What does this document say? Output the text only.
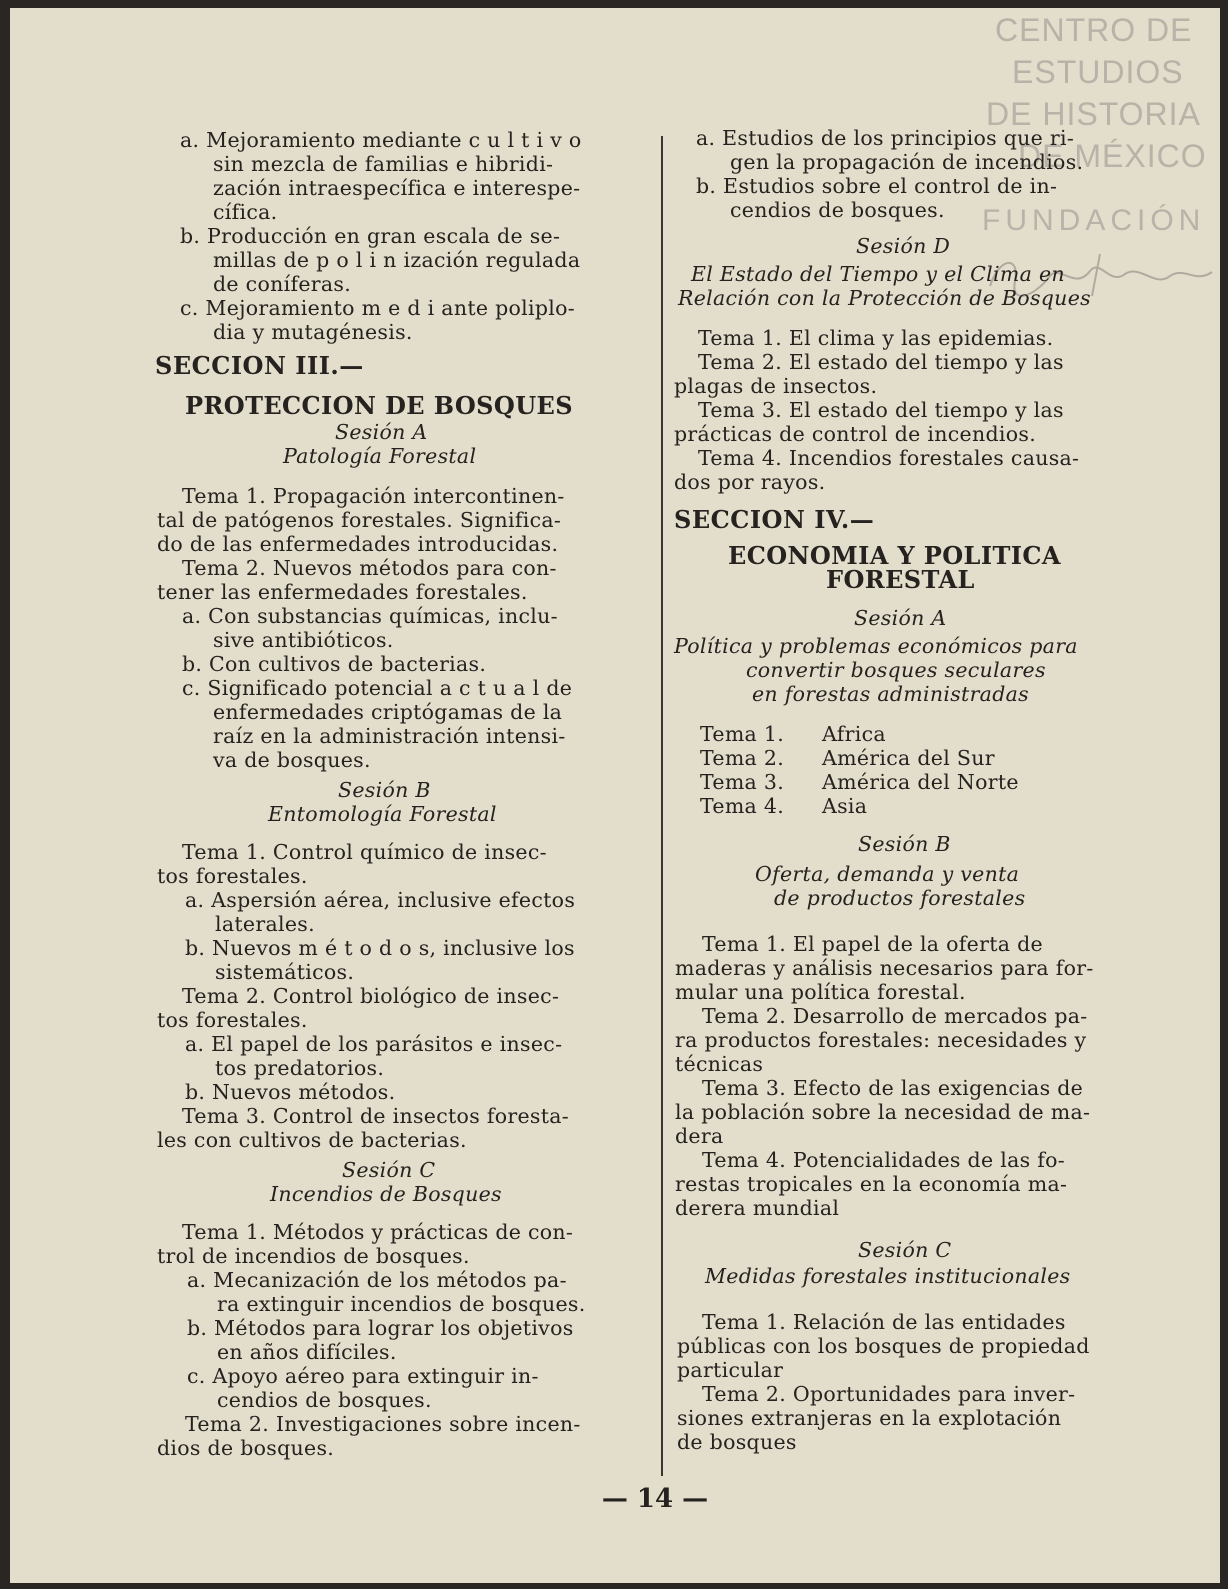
CENTRO DE
ESTUDIOS
DE HISTORIA
DE MÉXICO
FUNDACIÓN
a. Mejoramiento mediante c u l t i v o
sin mezcla de familias e hibridi-
zación intraespecífica e interespe-
cífica.
b. Producción en gran escala de se-
millas de p o l i n ización regulada
de coníferas.
c. Mejoramiento m e d i ante poliplo-
dia y mutagénesis.
SECCION III.—
PROTECCION DE BOSQUES
Sesión A
Patología Forestal
Tema 1. Propagación intercontinen-
tal de patógenos forestales. Significa-
do de las enfermedades introducidas.
Tema 2. Nuevos métodos para con-
tener las enfermedades forestales.
a. Con substancias químicas, inclu-
sive antibióticos.
b. Con cultivos de bacterias.
c. Significado potencial a c t u a l de
enfermedades criptógamas de la
raíz en la administración intensi-
va de bosques.
Sesión B
Entomología Forestal
Tema 1. Control químico de insec-
tos forestales.
a. Aspersión aérea, inclusive efectos
laterales.
b. Nuevos m é t o d o s, inclusive los
sistemáticos.
Tema 2. Control biológico de insec-
tos forestales.
a. El papel de los parásitos e insec-
tos predatorios.
b. Nuevos métodos.
Tema 3. Control de insectos foresta-
les con cultivos de bacterias.
Sesión C
Incendios de Bosques
Tema 1. Métodos y prácticas de con-
trol de incendios de bosques.
a. Mecanización de los métodos pa-
ra extinguir incendios de bosques.
b. Métodos para lograr los objetivos
en años difíciles.
c. Apoyo aéreo para extinguir in-
cendios de bosques.
Tema 2. Investigaciones sobre incen-
dios de bosques.
a. Estudios de los principios que ri-
gen la propagación de incendios.
b. Estudios sobre el control de in-
cendios de bosques.
Sesión D
El Estado del Tiempo y el Clima en
Relación con la Protección de Bosques
Tema 1. El clima y las epidemias.
Tema 2. El estado del tiempo y las
plagas de insectos.
Tema 3. El estado del tiempo y las
prácticas de control de incendios.
Tema 4. Incendios forestales causa-
dos por rayos.
SECCION IV.—
ECONOMIA Y POLITICA
FORESTAL
Sesión A
Política y problemas económicos para
convertir bosques seculares
en forestas administradas
Tema 1. Africa
Tema 2. América del Sur
Tema 3. América del Norte
Tema 4. Asia
Sesión B
Oferta, demanda y venta
de productos forestales
Tema 1. El papel de la oferta de
maderas y análisis necesarios para for-
mular una política forestal.
Tema 2. Desarrollo de mercados pa-
ra productos forestales: necesidades y
técnicas
Tema 3. Efecto de las exigencias de
la población sobre la necesidad de ma-
dera
Tema 4. Potencialidades de las fo-
restas tropicales en la economía ma-
derera mundial
Sesión C
Medidas forestales institucionales
Tema 1. Relación de las entidades
públicas con los bosques de propiedad
particular
Tema 2. Oportunidades para inver-
siones extranjeras en la explotación
de bosques
— 14 —
